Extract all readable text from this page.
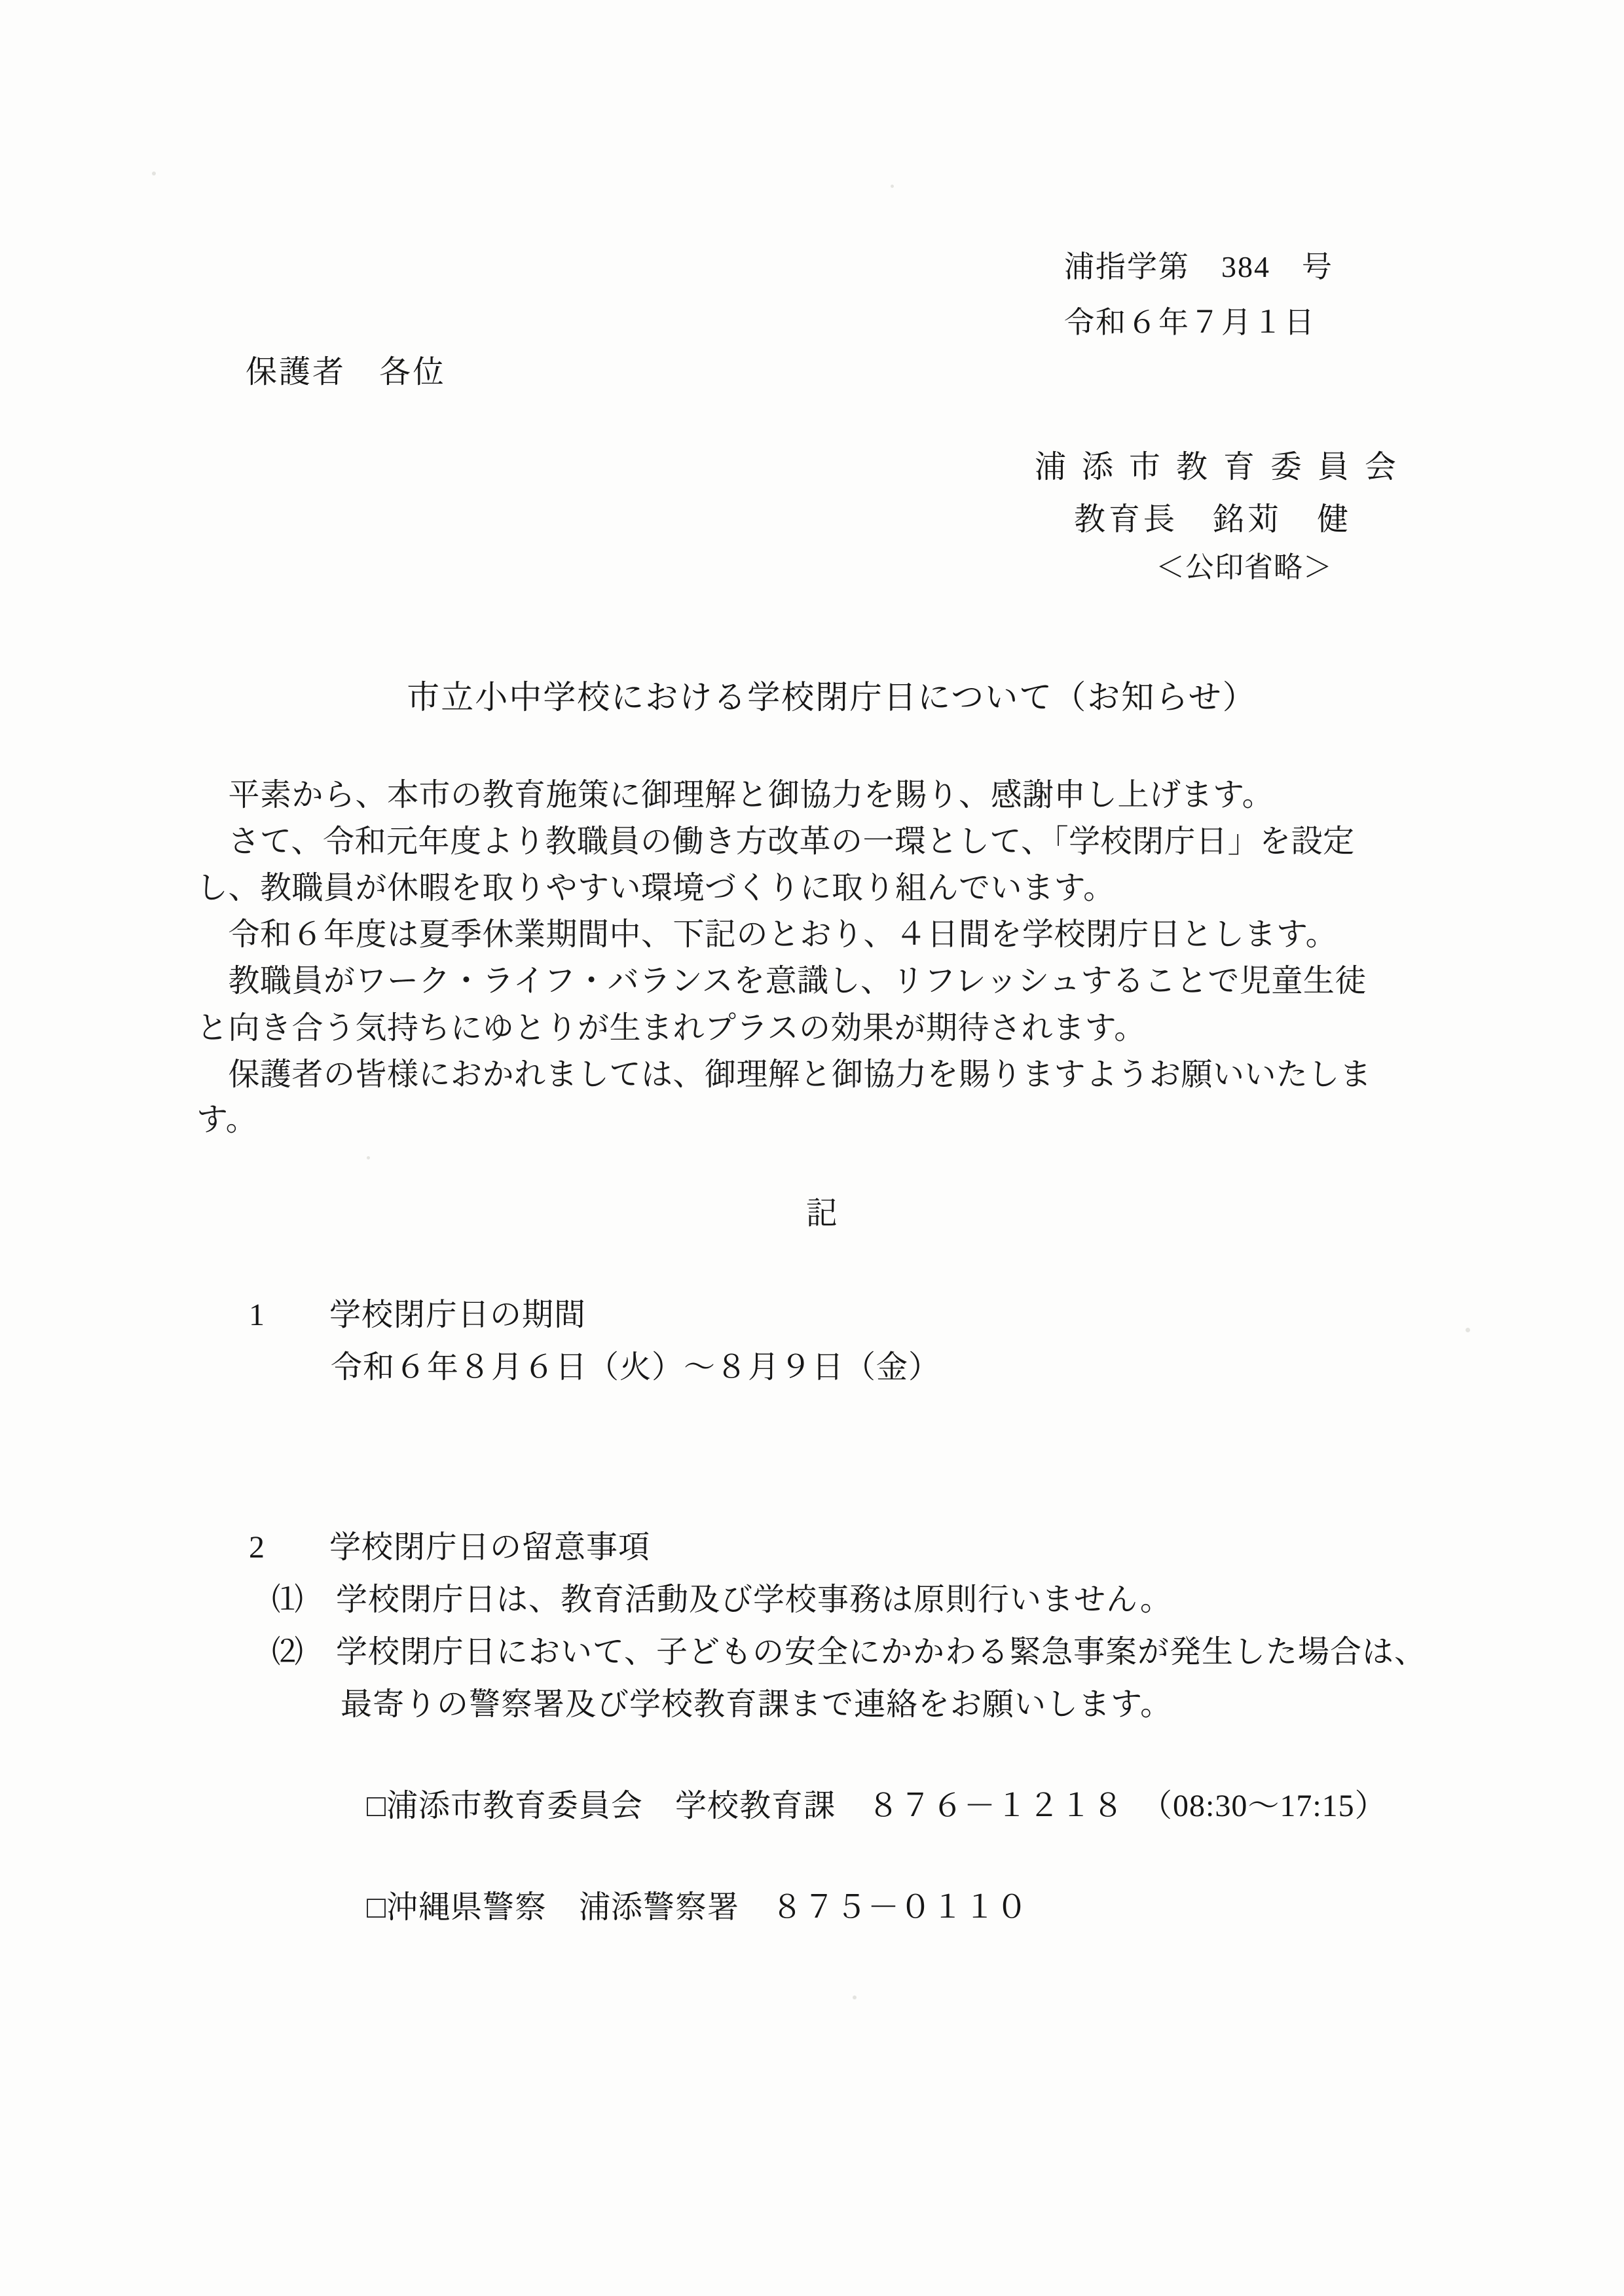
浦指学第　384　号
令和６年７月１日
保護者　各位
浦 添 市 教 育 委 員 会
教育長　銘苅　健
＜公印省略＞
市立小中学校における学校閉庁日について（お知らせ）

　平素から、本市の教育施策に御理解と御協力を賜り、感謝申し上げます。

　さて、令和元年度より教職員の働き方改革の一環として、「学校閉庁日」を設定

し、教職員が休暇を取りやすい環境づくりに取り組んでいます。

　令和６年度は夏季休業期間中、下記のとおり、４日間を学校閉庁日とします。

　教職員がワーク・ライフ・バランスを意識し、リフレッシュすることで児童生徒

と向き合う気持ちにゆとりが生まれプラスの効果が期待されます。

　保護者の皆様におかれましては、御理解と御協力を賜りますようお願いいたします。

記
1　　 学校閉庁日の期間
令和６年８月６日（火）～８月９日（金）
2　　 学校閉庁日の留意事項
⑴　学校閉庁日は、教育活動及び学校事務は原則行いません。
⑵　学校閉庁日において、子どもの安全にかかわる緊急事案が発生した場合は、
最寄りの警察署及び学校教育課まで連絡をお願いします。
□浦添市教育委員会　学校教育課　８７６－１２１８　（08:30～17:15）
□沖縄県警察　浦添警察署　８７５－０１１０
